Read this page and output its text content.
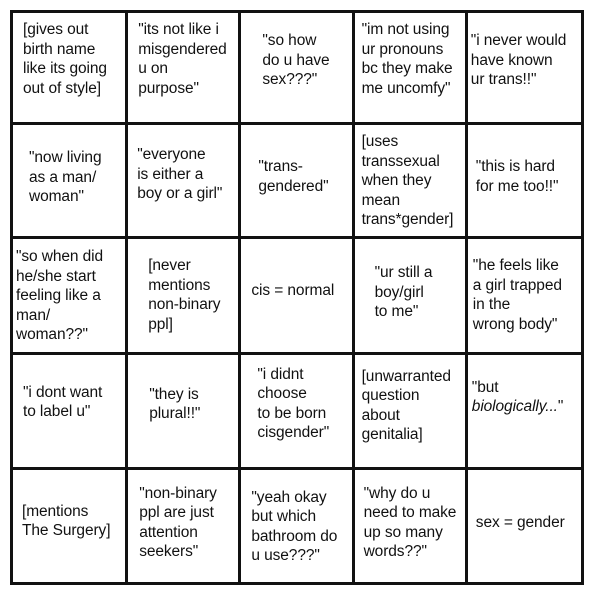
[gives out
birth name
like its going
out of style]
"its not like i
misgendered
u on
purpose"
"so how
do u have
sex???"
"im not using
ur pronouns
bc they make
me uncomfy"
"i never would
have known
ur trans!!"
"now living
as a man/
woman"
"everyone
is either a
boy or a girl"
"trans-
gendered"
[uses
transsexual
when they
mean
trans*gender]
"this is hard
for me too!!"
"so when did
he/she start
feeling like a
man/
woman??"
[never
mentions
non-binary
ppl]
cis = normal
"ur still a
boy/girl
to me"
"he feels like
a girl trapped
in the
wrong body"
"i dont want
to label u"
"they is
plural!!"
"i didnt
choose
to be born
cisgender"
[unwarranted
question
about
genitalia]
"but
biologically..."
[mentions
The Surgery]
"non-binary
ppl are just
attention
seekers"
"yeah okay
but which
bathroom do
u use???"
"why do u
need to make
up so many
words??"
sex = gender
